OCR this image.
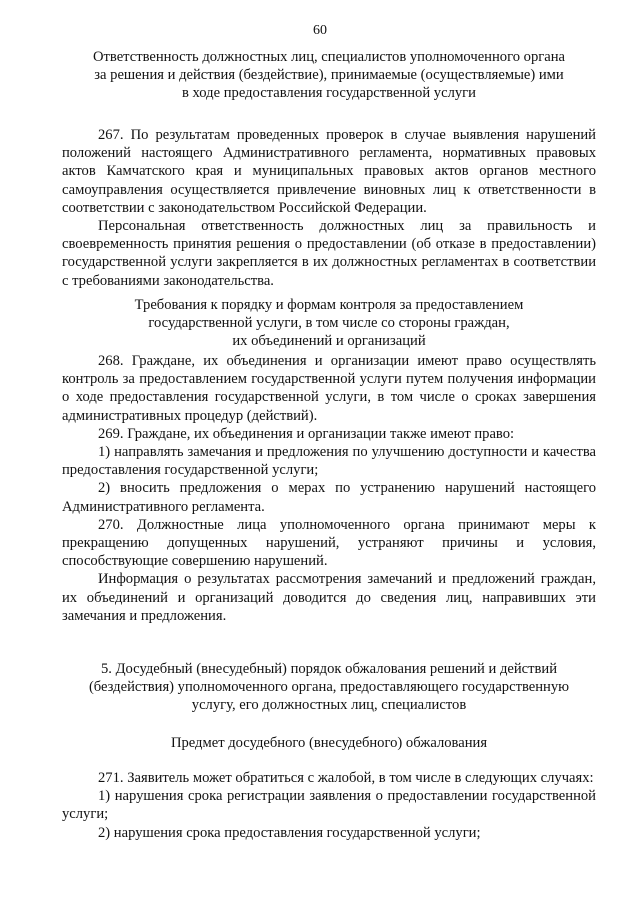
60
Ответственность должностных лиц, специалистов уполномоченного органа
за решения и действия (бездействие), принимаемые (осуществляемые) ими
в ходе предоставления государственной услуги

267. По результатам проведенных проверок в случае выявления нарушений положений настоящего Административного регламента, нормативных правовых актов Камчатского края и муниципальных правовых актов органов местного самоуправления осуществляется привлечение виновных лиц к ответственности в соответствии с законодательством Российской Федерации.

Персональная ответственность должностных лиц за правильность и своевременность принятия решения о предоставлении (об отказе в предоставлении) государственной услуги закрепляется в их должностных регламентах в соответствии с требованиями законодательства.

Требования к порядку и формам контроля за предоставлением
государственной услуги, в том числе со стороны граждан,
их объединений и организаций

268. Граждане, их объединения и организации имеют право осуществлять контроль за предоставлением государственной услуги путем получения информации о ходе предоставления государственной услуги, в том числе о сроках завершения административных процедур (действий).

269. Граждане, их объединения и организации также имеют право:

1) направлять замечания и предложения по улучшению доступности и качества предоставления государственной услуги;

2) вносить предложения о мерах по устранению нарушений настоящего Административного регламента.

270. Должностные лица уполномоченного органа принимают меры к прекращению допущенных нарушений, устраняют причины и условия, способствующие совершению нарушений.

Информация о результатах рассмотрения замечаний и предложений граждан, их объединений и организаций доводится до сведения лиц, направивших эти замечания и предложения.

5. Досудебный (внесудебный) порядок обжалования решений и действий
(бездействия) уполномоченного органа, предоставляющего государственную
услугу, его должностных лиц, специалистов
Предмет досудебного (внесудебного) обжалования

271. Заявитель может обратиться с жалобой, в том числе в следующих случаях:

1) нарушения срока регистрации заявления о предоставлении государственной услуги;

2) нарушения срока предоставления государственной услуги;
